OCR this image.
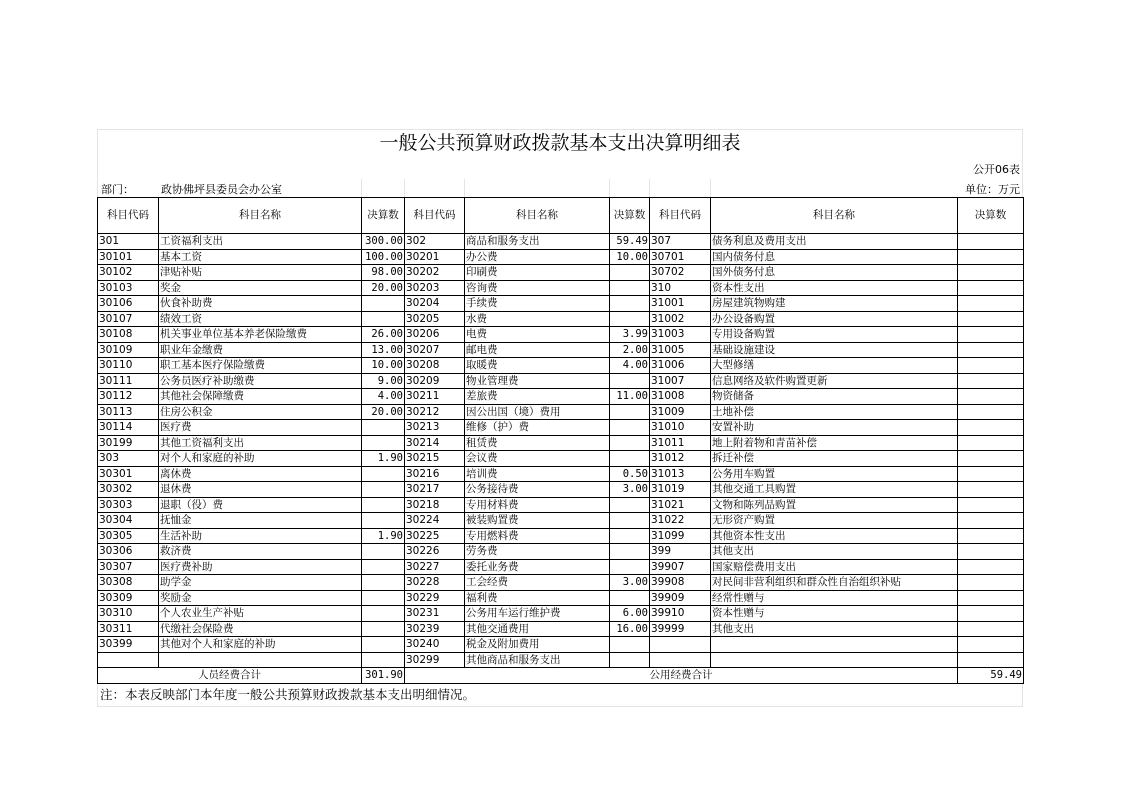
一般公共预算财政拨款基本支出决算明细表
公开06表
部门： 政协佛坪县委员会办公室	单位：万元
科目代码	科目名称	决算数	科目代码	科目名称	决算数	科目代码	科目名称	决算数
301	工资福利支出	300.00	302	商品和服务支出	59.49	307	债务利息及费用支出	
30101	基本工资	100.00	30201	办公费	10.00	30701	国内债务付息	
30102	津贴补贴	98.00	30202	印刷费		30702	国外债务付息	
30103	奖金	20.00	30203	咨询费		310	资本性支出	
30106	伙食补助费		30204	手续费		31001	房屋建筑物购建	
30107	绩效工资		30205	水费		31002	办公设备购置	
30108	机关事业单位基本养老保险缴费	26.00	30206	电费	3.99	31003	专用设备购置	
30109	职业年金缴费	13.00	30207	邮电费	2.00	31005	基础设施建设	
30110	职工基本医疗保险缴费	10.00	30208	取暖费	4.00	31006	大型修缮	
30111	公务员医疗补助缴费	9.00	30209	物业管理费		31007	信息网络及软件购置更新	
30112	其他社会保障缴费	4.00	30211	差旅费	11.00	31008	物资储备	
30113	住房公积金	20.00	30212	因公出国（境）费用		31009	土地补偿	
30114	医疗费		30213	维修（护）费		31010	安置补助	
30199	其他工资福利支出		30214	租赁费		31011	地上附着物和青苗补偿	
303	对个人和家庭的补助	1.90	30215	会议费		31012	拆迁补偿	
30301	离休费		30216	培训费	0.50	31013	公务用车购置	
30302	退休费		30217	公务接待费	3.00	31019	其他交通工具购置	
30303	退职（役）费		30218	专用材料费		31021	文物和陈列品购置	
30304	抚恤金		30224	被装购置费		31022	无形资产购置	
30305	生活补助	1.90	30225	专用燃料费		31099	其他资本性支出	
30306	救济费		30226	劳务费		399	其他支出	
30307	医疗费补助		30227	委托业务费		39907	国家赔偿费用支出	
30308	助学金		30228	工会经费	3.00	39908	对民间非营利组织和群众性自治组织补贴	
30309	奖励金		30229	福利费		39909	经常性赠与	
30310	个人农业生产补贴		30231	公务用车运行维护费	6.00	39910	资本性赠与	
30311	代缴社会保险费		30239	其他交通费用	16.00	39999	其他支出	
30399	其他对个人和家庭的补助		30240	税金及附加费用				
			30299	其他商品和服务支出				
人员经费合计		301.90	公用经费合计					59.49
注：本表反映部门本年度一般公共预算财政拨款基本支出明细情况。
